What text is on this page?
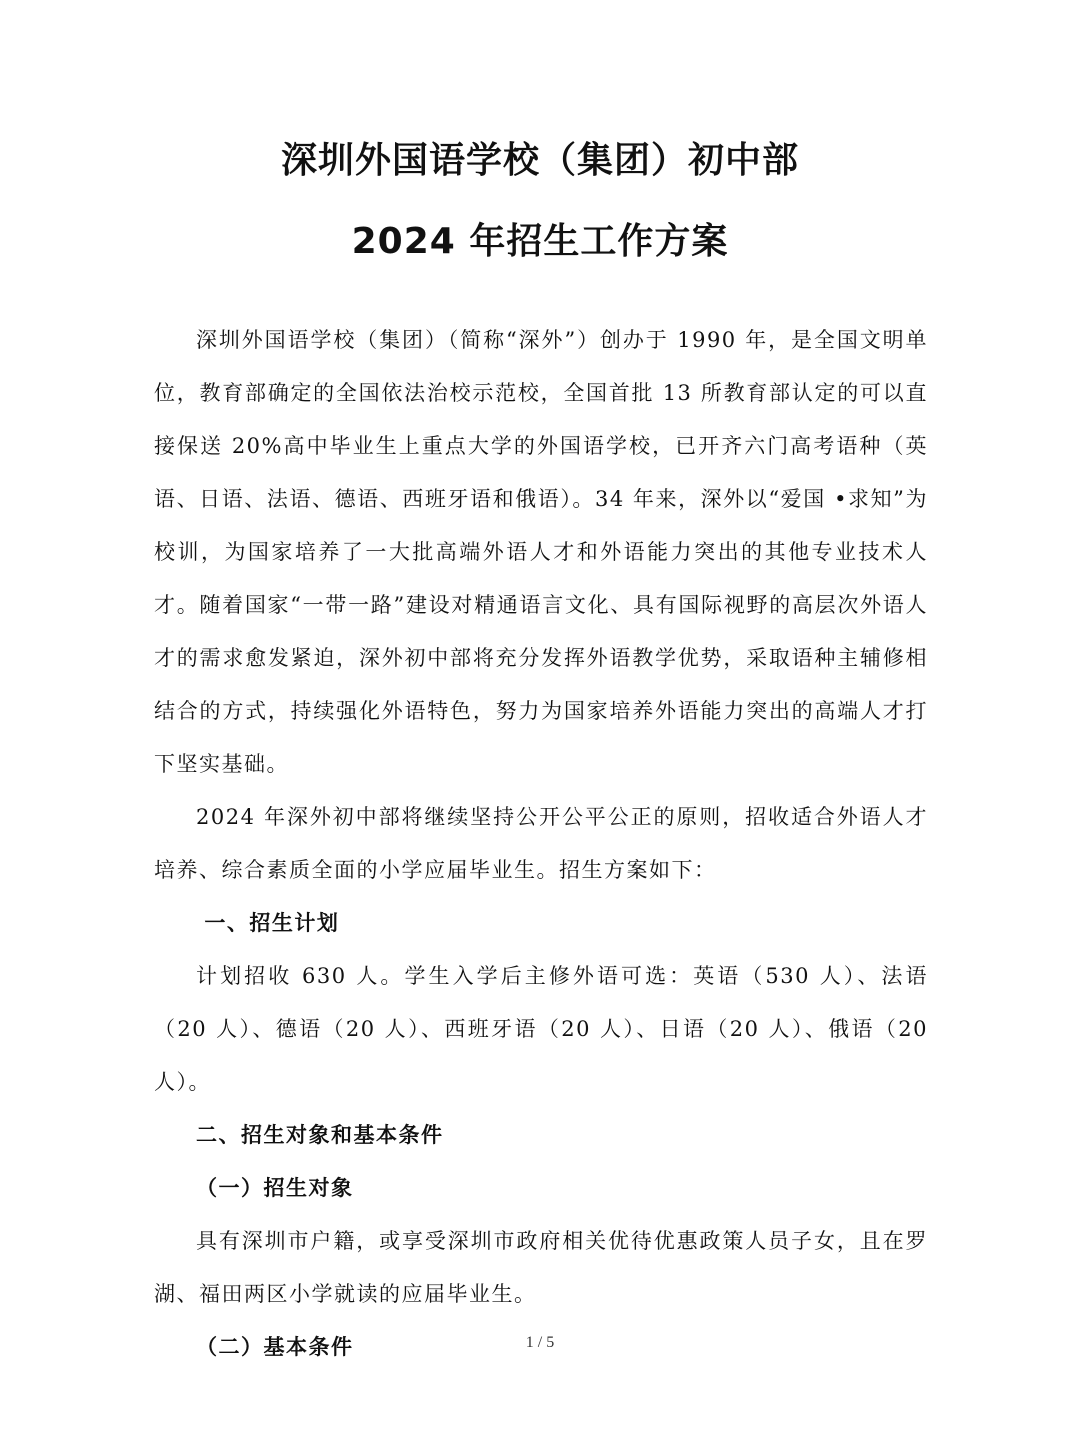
深圳外国语学校（集团）初中部
2024 年招生工作方案

深圳外国语学校（集团）（简称“深外”）创办于 1990 年，是全国文明单位，教育部确定的全国依法治校示范校，全国首批 13 所教育部认定的可以直接保送 20%高中毕业生上重点大学的外国语学校，已开齐六门高考语种（英语、日语、法语、德语、西班牙语和俄语）。34 年来，深外以“爱国 •求知”为校训，为国家培养了一大批高端外语人才和外语能力突出的其他专业技术人才。随着国家“一带一路”建设对精通语言文化、具有国际视野的高层次外语人才的需求愈发紧迫，深外初中部将充分发挥外语教学优势，采取语种主辅修相结合的方式，持续强化外语特色，努力为国家培养外语能力突出的高端人才打下坚实基础。

2024 年深外初中部将继续坚持公开公平公正的原则，招收适合外语人才培养、综合素质全面的小学应届毕业生。招生方案如下：

一、招生计划

计划招收 630 人。学生入学后主修外语可选：英语（530 人）、法语（20 人）、德语（20 人）、西班牙语（20 人）、日语（20 人）、俄语（20 人）。

二、招生对象和基本条件
（一）招生对象

具有深圳市户籍，或享受深圳市政府相关优待优惠政策人员子女，且在罗湖、福田两区小学就读的应届毕业生。

（二）基本条件	1 / 5
